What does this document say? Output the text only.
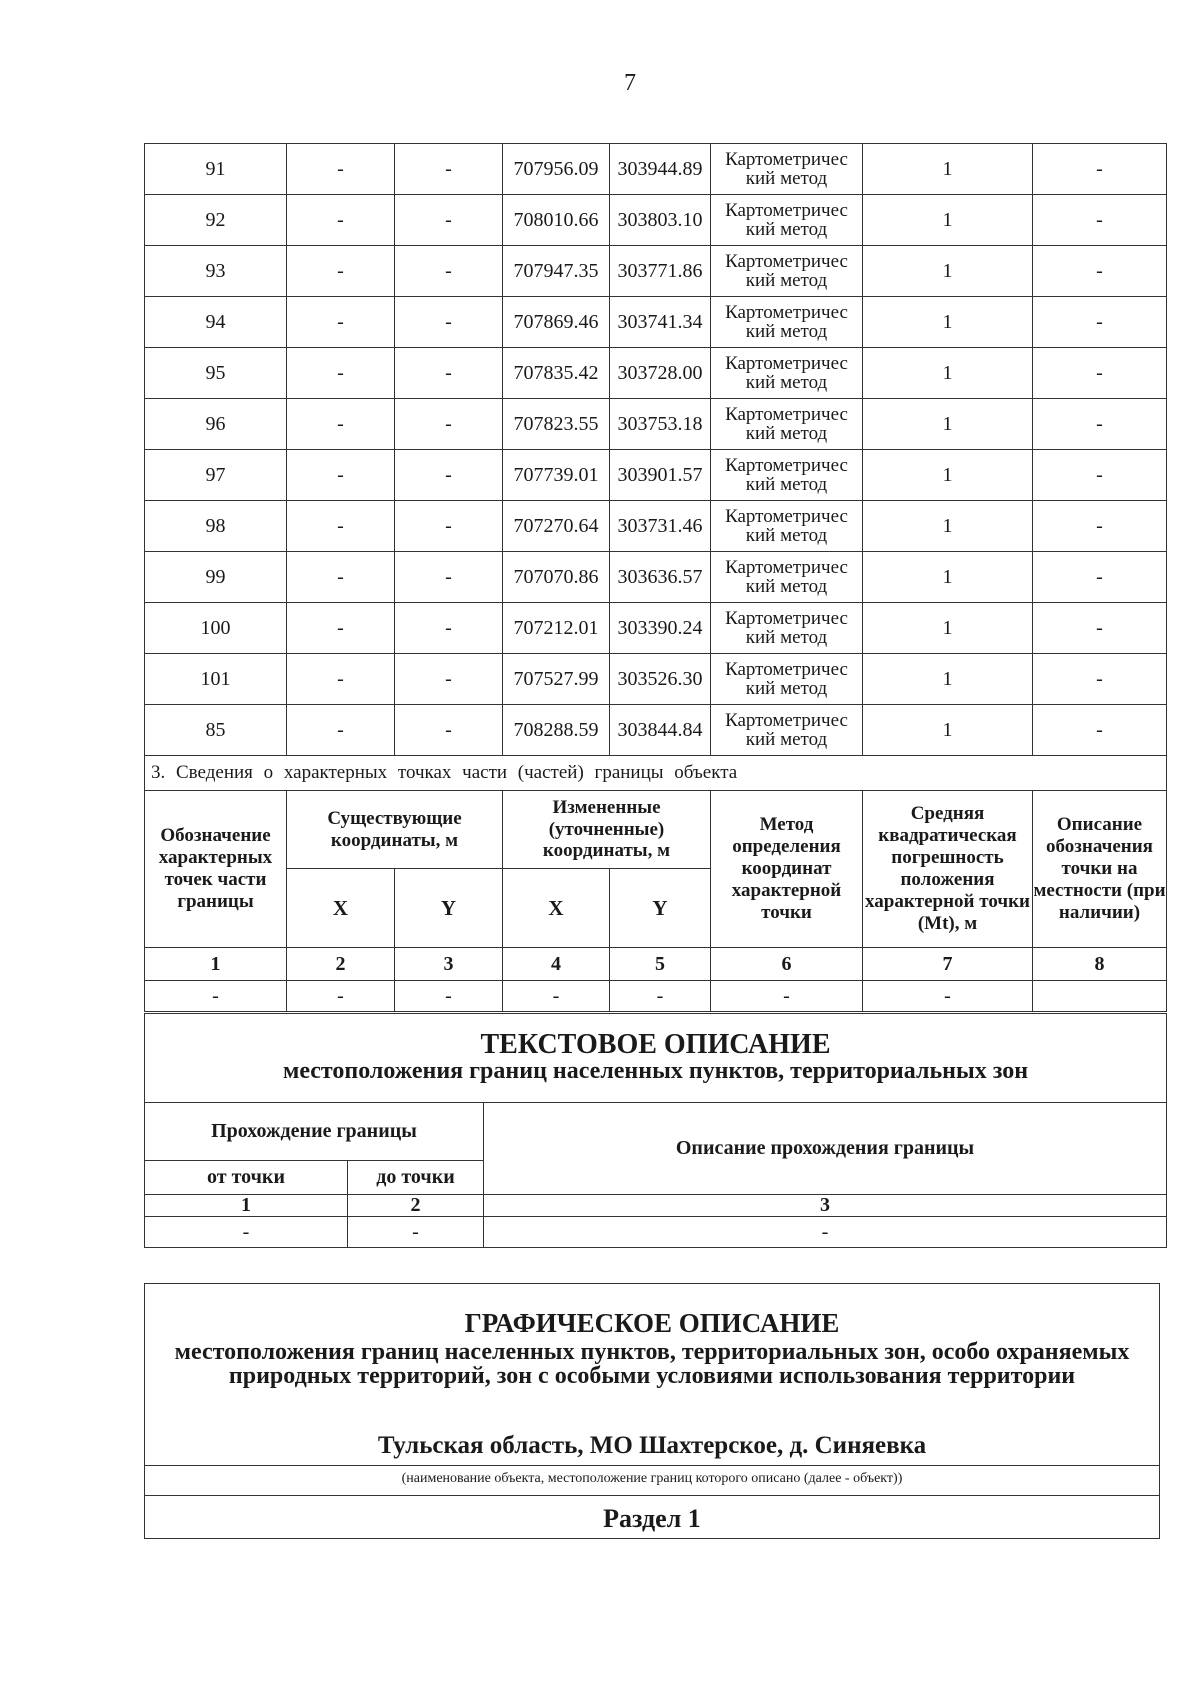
7
91	-	-	707956.09	303944.89	Картометричес кий метод	1	-
92	-	-	708010.66	303803.10	Картометричес кий метод	1	-
93	-	-	707947.35	303771.86	Картометричес кий метод	1	-
94	-	-	707869.46	303741.34	Картометричес кий метод	1	-
95	-	-	707835.42	303728.00	Картометричес кий метод	1	-
96	-	-	707823.55	303753.18	Картометричес кий метод	1	-
97	-	-	707739.01	303901.57	Картометричес кий метод	1	-
98	-	-	707270.64	303731.46	Картометричес кий метод	1	-
99	-	-	707070.86	303636.57	Картометричес кий метод	1	-
100	-	-	707212.01	303390.24	Картометричес кий метод	1	-
101	-	-	707527.99	303526.30	Картометричес кий метод	1	-
85	-	-	708288.59	303844.84	Картометричес кий метод	1	-
3. Сведения о характерных точках части (частей) границы объекта							
Обозначение характерных точек части границы	Существующие координаты, м		Измененные (уточненные) координаты, м		Метод определения координат характерной точки	Средняя квадратическая погрешность положения характерной точки (Mt), м	Описание обозначения точки на местности (при наличии)
	X	Y	X	Y			
1	2	3	4	5	6	7	8
-	-	-	-	-	-	-	
ТЕКСТОВОЕ ОПИСАНИЕ
местоположения границ населенных пунктов, территориальных зон		

Прохождение границы		Описание прохождения границы
от точки	до точки	
1	2	3
-	-	-
ГРАФИЧЕСКОЕ ОПИСАНИЕ
местоположения границ населенных пунктов, территориальных зон, особо охраняемых природных территорий, зон с особыми условиями использования территории
Тульская область, МО Шахтерское, д. Синяевка
(наименование объекта, местоположение границ которого описано (далее - объект))
Раздел 1
